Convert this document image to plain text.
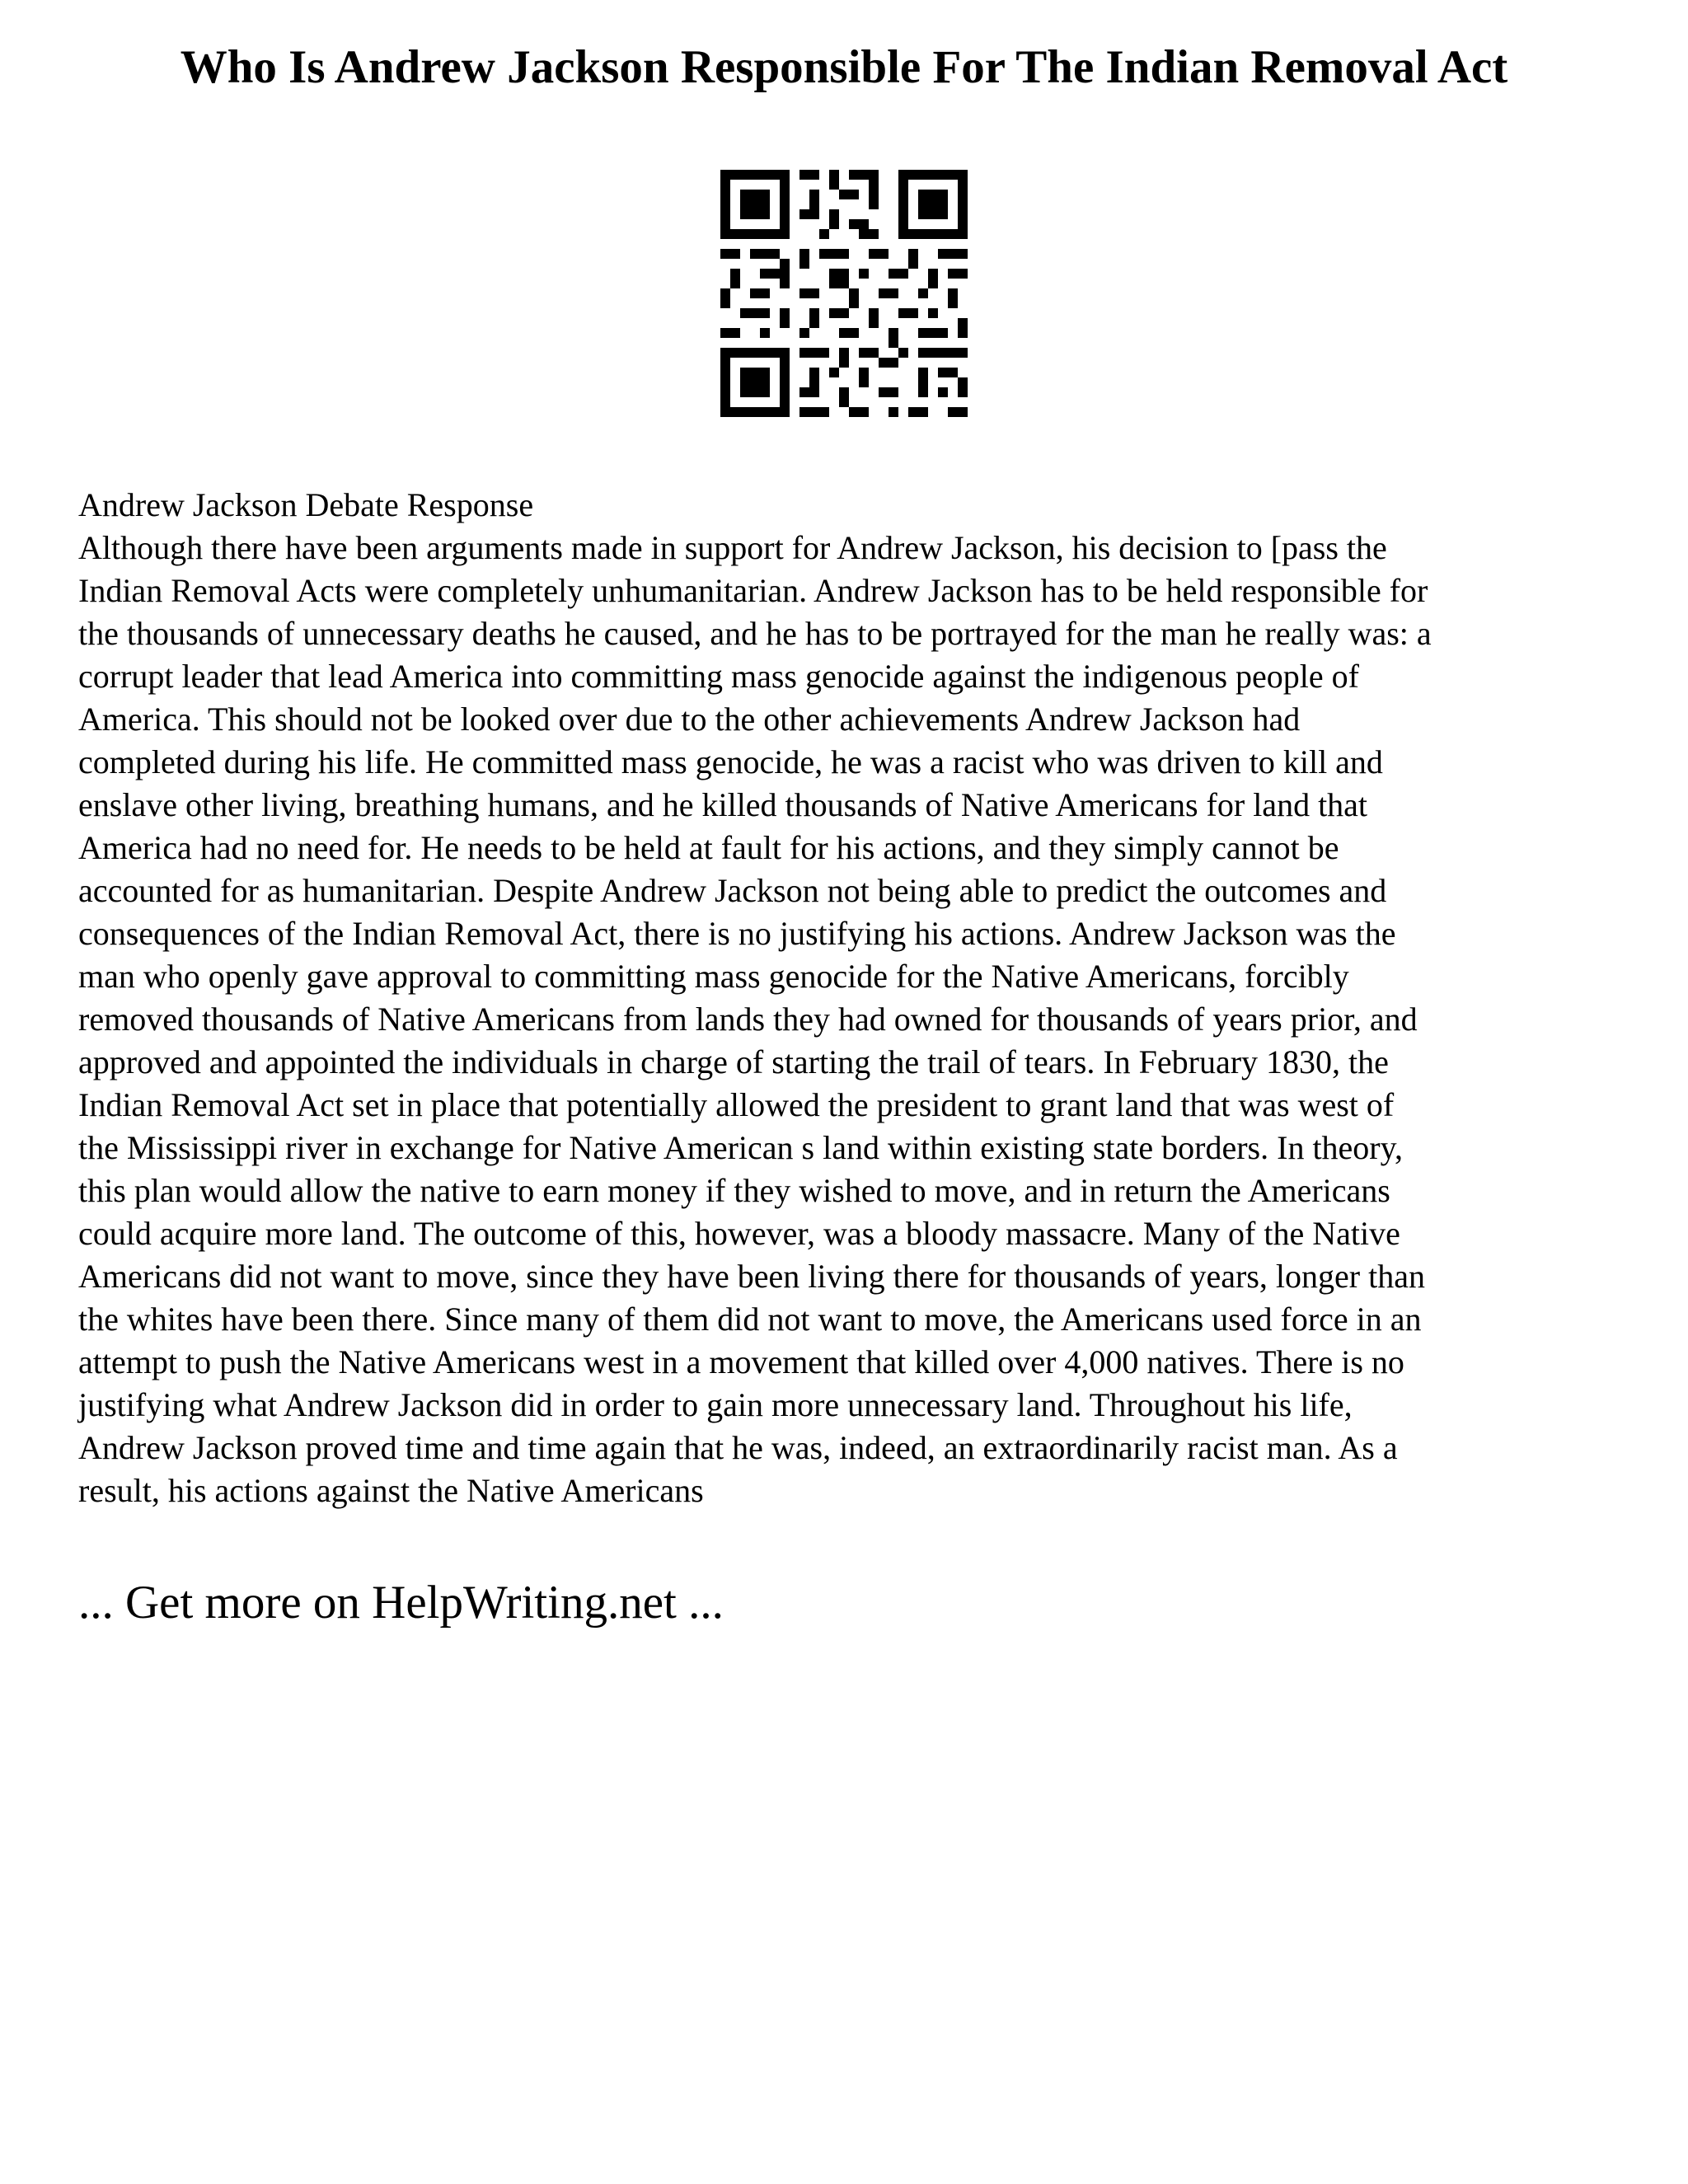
Who Is Andrew Jackson Responsible For The Indian Removal Act

Andrew Jackson Debate Response

Although there have been arguments made in support for Andrew Jackson, his decision to [pass the
Indian Removal Acts were completely unhumanitarian. Andrew Jackson has to be held responsible for
the thousands of unnecessary deaths he caused, and he has to be portrayed for the man he really was: a
corrupt leader that lead America into committing mass genocide against the indigenous people of
America. This should not be looked over due to the other achievements Andrew Jackson had
completed during his life. He committed mass genocide, he was a racist who was driven to kill and
enslave other living, breathing humans, and he killed thousands of Native Americans for land that
America had no need for. He needs to be held at fault for his actions, and they simply cannot be
accounted for as humanitarian. Despite Andrew Jackson not being able to predict the outcomes and
consequences of the Indian Removal Act, there is no justifying his actions. Andrew Jackson was the
man who openly gave approval to committing mass genocide for the Native Americans, forcibly
removed thousands of Native Americans from lands they had owned for thousands of years prior, and
approved and appointed the individuals in charge of starting the trail of tears. In February 1830, the
Indian Removal Act set in place that potentially allowed the president to grant land that was west of
the Mississippi river in exchange for Native American s land within existing state borders. In theory,
this plan would allow the native to earn money if they wished to move, and in return the Americans
could acquire more land. The outcome of this, however, was a bloody massacre. Many of the Native
Americans did not want to move, since they have been living there for thousands of years, longer than
the whites have been there. Since many of them did not want to move, the Americans used force in an
attempt to push the Native Americans west in a movement that killed over 4,000 natives. There is no
justifying what Andrew Jackson did in order to gain more unnecessary land. Throughout his life,
Andrew Jackson proved time and time again that he was, indeed, an extraordinarily racist man. As a
result, his actions against the Native Americans

... Get more on HelpWriting.net ...
